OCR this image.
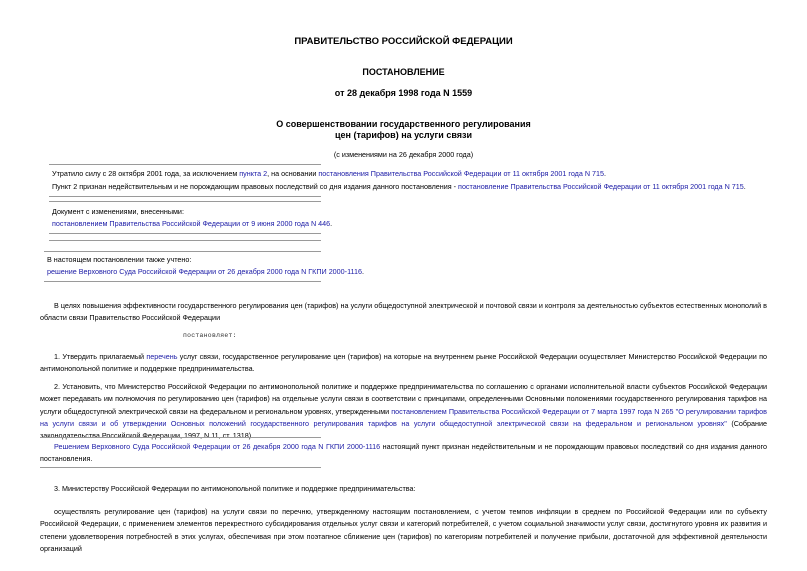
ПРАВИТЕЛЬСТВО РОССИЙСКОЙ ФЕДЕРАЦИИ
ПОСТАНОВЛЕНИЕ
от 28 декабря 1998 года N 1559
О совершенствовании государственного регулирования
цен (тарифов) на услуги связи
(с изменениями на 26 декабря 2000 года)
Утратило силу с 28 октября 2001 года, за исключением пункта 2, на основании постановления Правительства Российской Федерации от 11 октября 2001 года N 715.
Пункт 2 признан недействительным и не порождающим правовых последствий со дня издания данного постановления - постановление Правительства Российской Федерации от 11 октября 2001 года N 715.
Документ с изменениями, внесенными:
постановлением Правительства Российской Федерации от 9 июня 2000 года N 446.
В настоящем постановлении также учтено:
решение Верховного Суда Российской Федерации от 26 декабря 2000 года N ГКПИ 2000-1116.
В целях повышения эффективности государственного регулирования цен (тарифов) на услуги общедоступной электрической и почтовой связи и контроля за деятельностью субъектов естественных монополий в области связи Правительство Российской Федерации
постановляет:
1. Утвердить прилагаемый перечень услуг связи, государственное регулирование цен (тарифов) на которые на внутреннем рынке Российской Федерации осуществляет Министерство Российской Федерации по антимонопольной политике и поддержке предпринимательства.
2. Установить, что Министерство Российской Федерации по антимонопольной политике и поддержке предпринимательства по соглашению с органами исполнительной власти субъектов Российской Федерации может передавать им полномочия по регулированию цен (тарифов) на отдельные услуги связи в соответствии с принципами, определенными Основными положениями государственного регулирования тарифов на услуги общедоступной электрической связи на федеральном и региональном уровнях, утвержденными постановлением Правительства Российской Федерации от 7 марта 1997 года N 265 "О регулировании тарифов на услуги связи и об утверждении Основных положений государственного регулирования тарифов на услуги общедоступной электрической связи на федеральном и региональном уровнях" (Собрание законодательства Российской Федерации, 1997, N 11, ст. 1318).
Решением Верховного Суда Российской Федерации от 26 декабря 2000 года N ГКПИ 2000-1116 настоящий пункт признан недействительным и не порождающим правовых последствий со дня издания данного постановления.
3. Министерству Российской Федерации по антимонопольной политике и поддержке предпринимательства:
осуществлять регулирование цен (тарифов) на услуги связи по перечню, утвержденному настоящим постановлением, с учетом темпов инфляции в среднем по Российской Федерации или по субъекту Российской Федерации, с применением элементов перекрестного субсидирования отдельных услуг связи и категорий потребителей, с учетом социальной значимости услуг связи, достигнутого уровня их развития и степени удовлетворения потребностей в этих услугах, обеспечивая при этом поэтапное сближение цен (тарифов) по категориям потребителей и получение прибыли, достаточной для эффективной деятельности организаций
